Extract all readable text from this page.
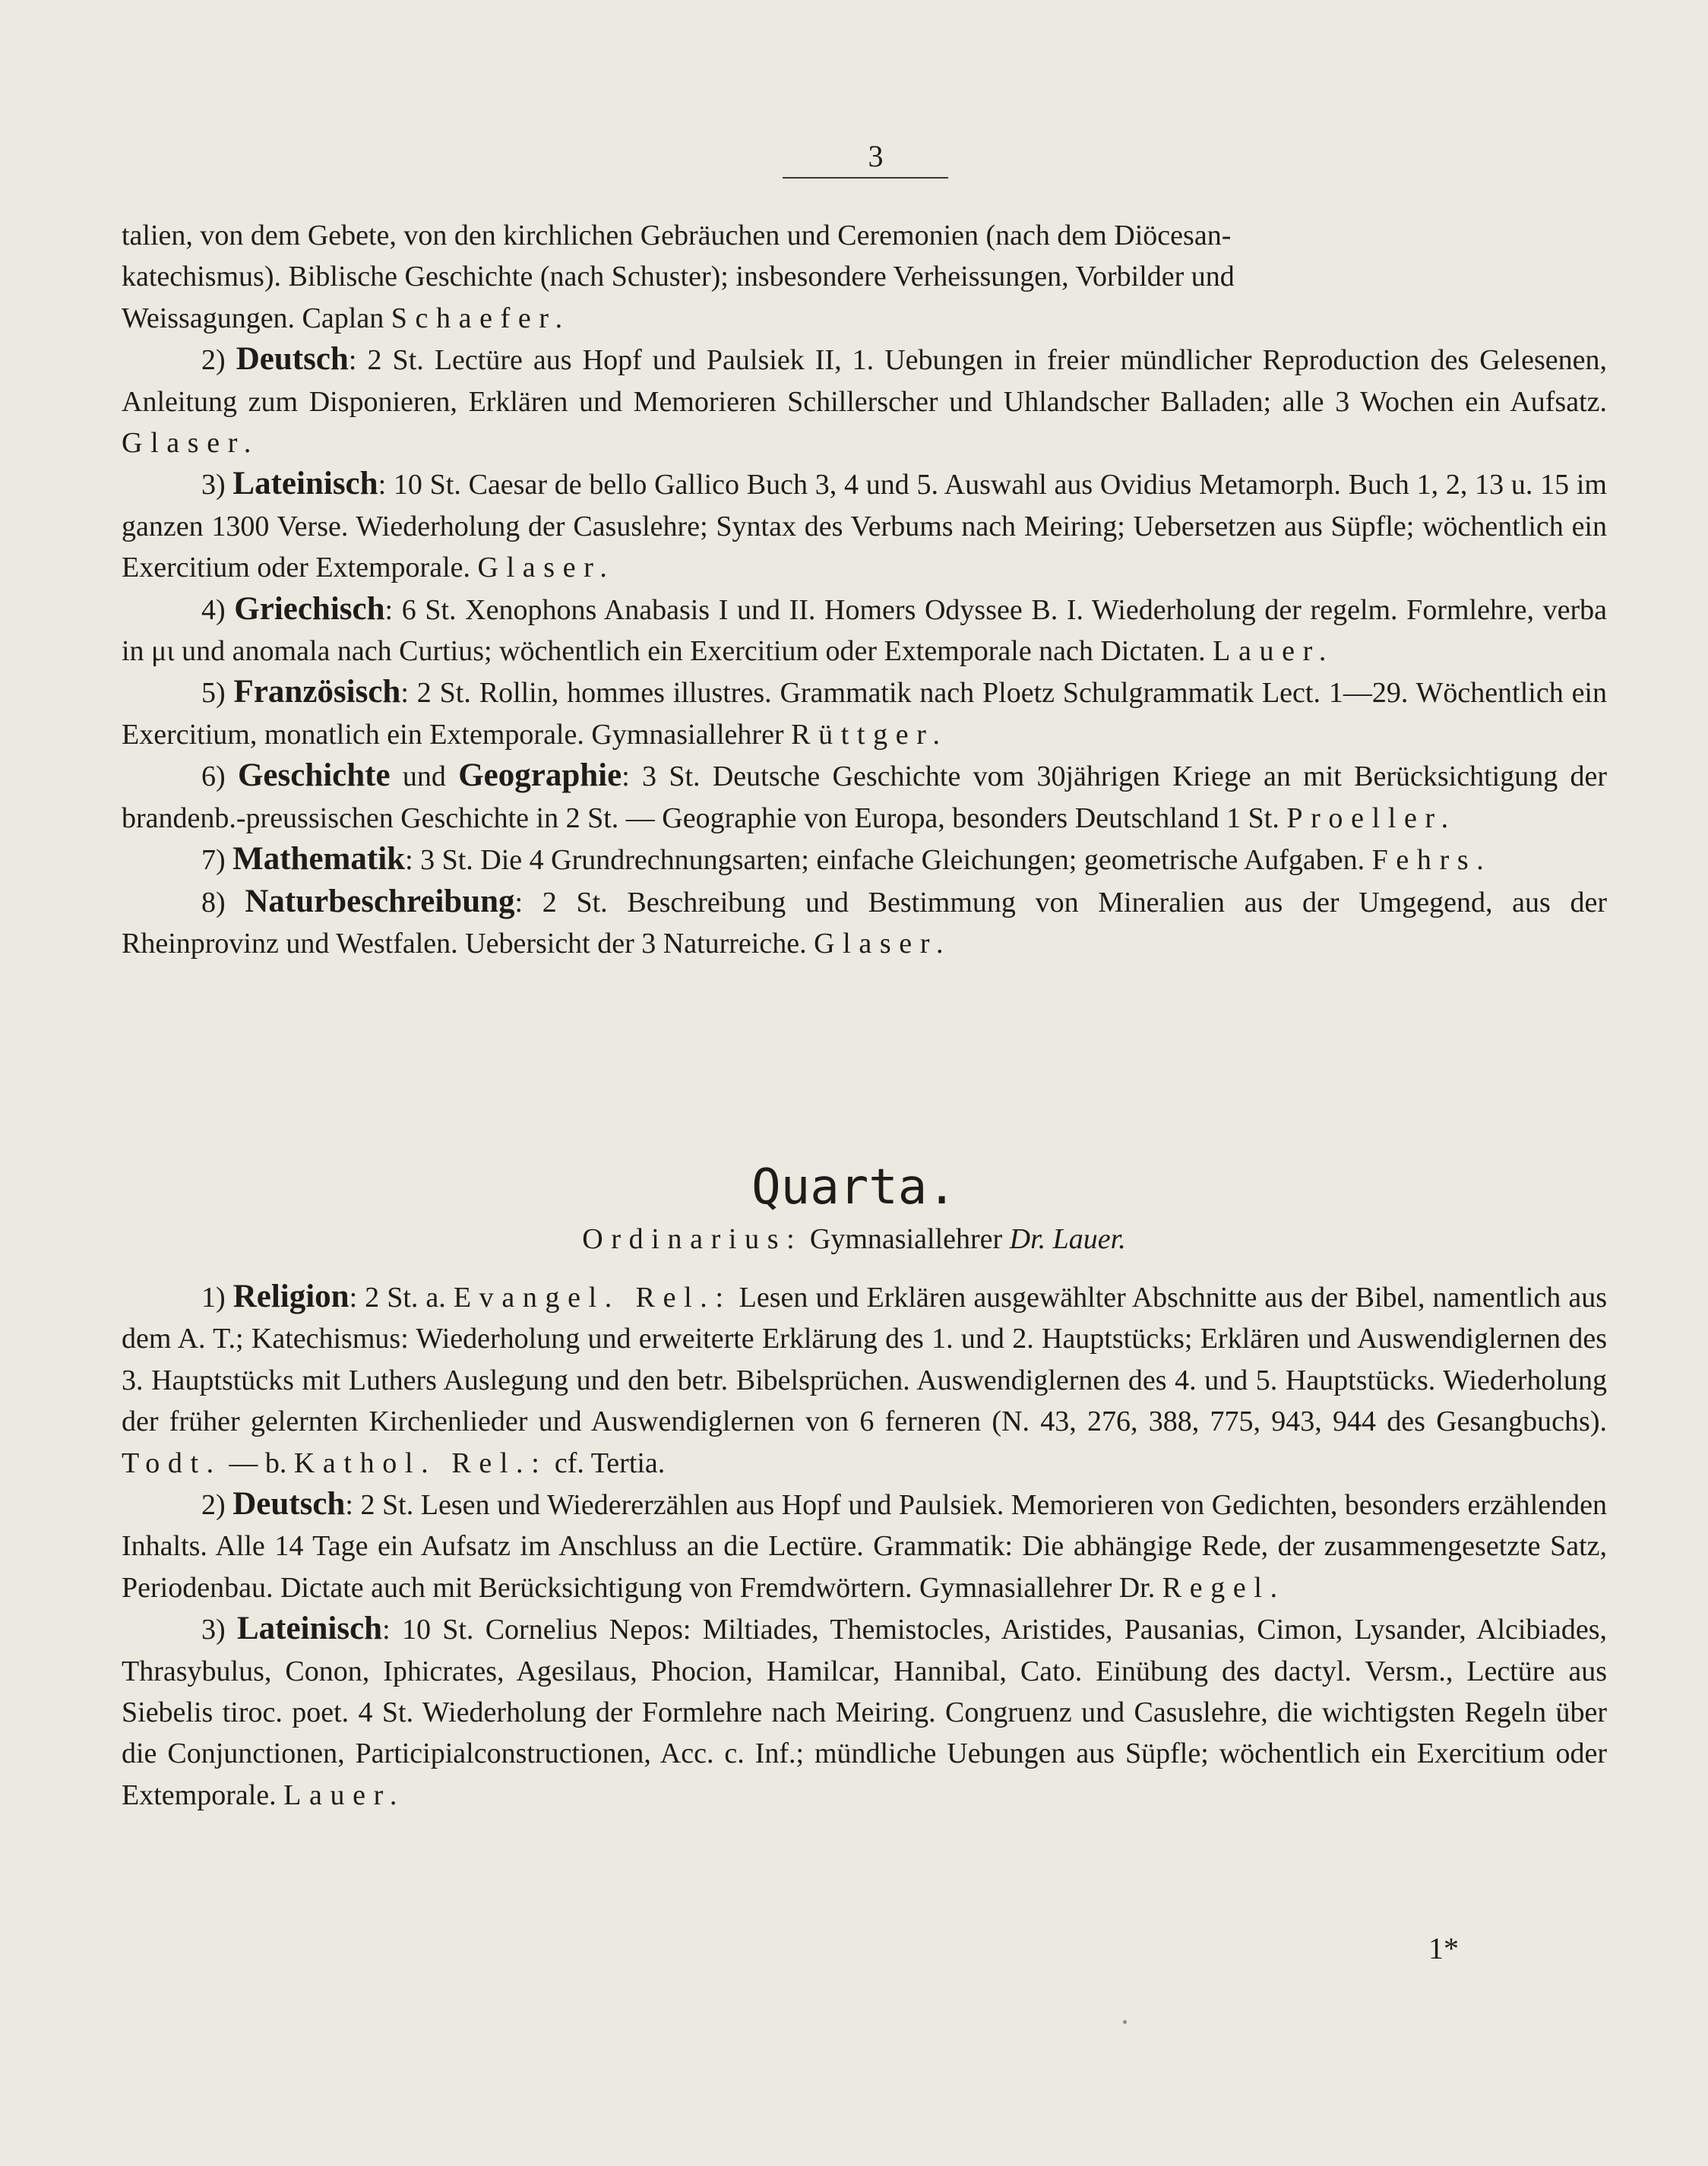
3

talien, von dem Gebete, von den kirchlichen Gebräuchen und Ceremonien (nach dem Diöcesan-
katechismus). Biblische Geschichte (nach Schuster); insbesondere Verheissungen, Vorbilder und
Weissagungen. Caplan Schaefer.

2) Deutsch: 2 St. Lectüre aus Hopf und Paulsiek II, 1. Uebungen in freier mündlicher Reproduction des Gelesenen, Anleitung zum Disponieren, Erklären und Memorieren Schillerscher und Uhlandscher Balladen; alle 3 Wochen ein Aufsatz. Glaser.

3) Lateinisch: 10 St. Caesar de bello Gallico Buch 3, 4 und 5. Auswahl aus Ovidius Metamorph. Buch 1, 2, 13 u. 15 im ganzen 1300 Verse. Wiederholung der Casuslehre; Syntax des Verbums nach Meiring; Uebersetzen aus Süpfle; wöchentlich ein Exercitium oder Extemporale. Glaser.

4) Griechisch: 6 St. Xenophons Anabasis I und II. Homers Odyssee B. I. Wiederholung der regelm. Formlehre, verba in μι und anomala nach Curtius; wöchentlich ein Exercitium oder Extemporale nach Dictaten. Lauer.

5) Französisch: 2 St. Rollin, hommes illustres. Grammatik nach Ploetz Schulgrammatik Lect. 1—29. Wöchentlich ein Exercitium, monatlich ein Extemporale. Gymnasiallehrer Rüttger.

6) Geschichte und Geographie: 3 St. Deutsche Geschichte vom 30jährigen Kriege an mit Berücksichtigung der brandenb.-preussischen Geschichte in 2 St. — Geographie von Europa, besonders Deutschland 1 St. Proeller.

7) Mathematik: 3 St. Die 4 Grundrechnungsarten; einfache Gleichungen; geometrische Aufgaben. Fehrs.

8) Naturbeschreibung: 2 St. Beschreibung und Bestimmung von Mineralien aus der Umgegend, aus der Rheinprovinz und Westfalen. Uebersicht der 3 Naturreiche. Glaser.

Quarta.
Ordinarius: Gymnasiallehrer Dr. Lauer.

1) Religion: 2 St. a. Evangel. Rel.: Lesen und Erklären ausgewählter Abschnitte aus der Bibel, namentlich aus dem A. T.; Katechismus: Wiederholung und erweiterte Erklärung des 1. und 2. Hauptstücks; Erklären und Auswendiglernen des 3. Hauptstücks mit Luthers Auslegung und den betr. Bibelsprüchen. Auswendiglernen des 4. und 5. Hauptstücks. Wiederholung der früher gelernten Kirchenlieder und Auswendiglernen von 6 ferneren (N. 43, 276, 388, 775, 943, 944 des Gesangbuchs). Todt. — b. Kathol. Rel.: cf. Tertia.

2) Deutsch: 2 St. Lesen und Wiedererzählen aus Hopf und Paulsiek. Memorieren von Gedichten, besonders erzählenden Inhalts. Alle 14 Tage ein Aufsatz im Anschluss an die Lectüre. Grammatik: Die abhängige Rede, der zusammengesetzte Satz, Periodenbau. Dictate auch mit Berücksichtigung von Fremdwörtern. Gymnasiallehrer Dr. Regel.

3) Lateinisch: 10 St. Cornelius Nepos: Miltiades, Themistocles, Aristides, Pausanias, Cimon, Lysander, Alcibiades, Thrasybulus, Conon, Iphicrates, Agesilaus, Phocion, Hamilcar, Hannibal, Cato. Einübung des dactyl. Versm., Lectüre aus Siebelis tiroc. poet. 4 St. Wiederholung der Formlehre nach Meiring. Congruenz und Casuslehre, die wichtigsten Regeln über die Conjunctionen, Participialconstructionen, Acc. c. Inf.; mündliche Uebungen aus Süpfle; wöchentlich ein Exercitium oder Extemporale. Lauer.

1*
